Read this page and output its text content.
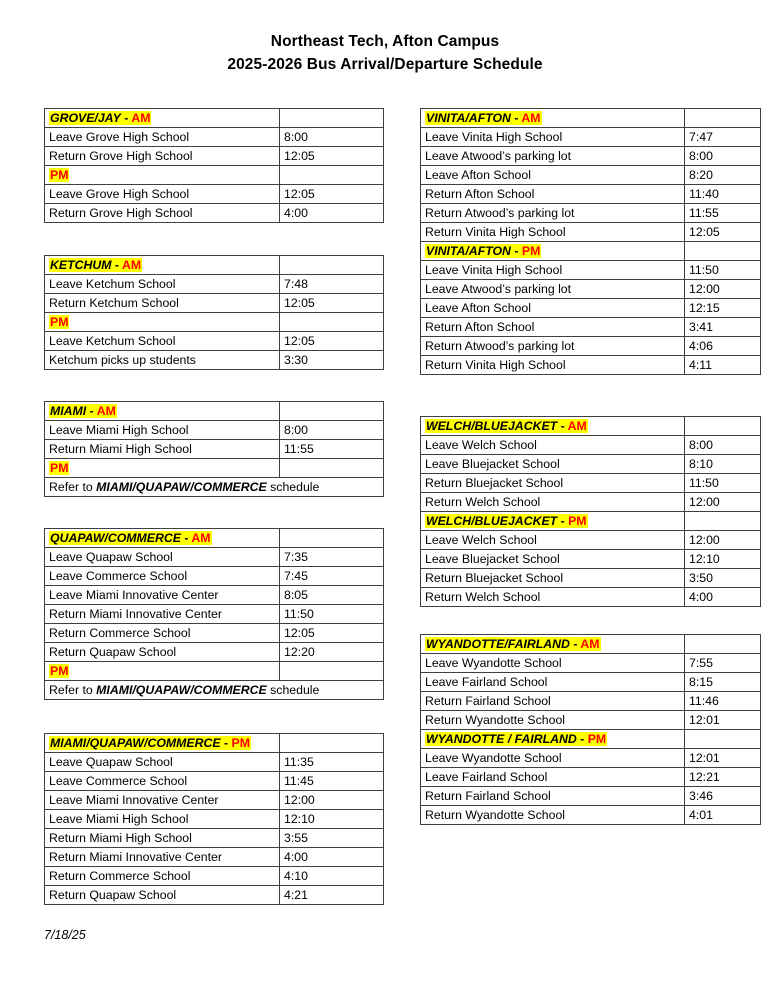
Northeast Tech, Afton Campus
2025-2026 Bus Arrival/Departure Schedule
GROVE/JAY - AM	
Leave Grove High School	8:00
Return Grove High School	12:05
PM	
Leave Grove High School	12:05
Return Grove High School	4:00
KETCHUM - AM	
Leave Ketchum School	7:48
Return Ketchum School	12:05
PM	
Leave Ketchum School	12:05
Ketchum picks up students	3:30
MIAMI - AM	
Leave Miami High School	8:00
Return Miami High School	11:55
PM	
Refer to MIAMI/QUAPAW/COMMERCE schedule	
QUAPAW/COMMERCE - AM	
Leave Quapaw School	7:35
Leave Commerce School	7:45
Leave Miami Innovative Center	8:05
Return Miami Innovative Center	11:50
Return Commerce School	12:05
Return Quapaw School	12:20
PM	
Refer to MIAMI/QUAPAW/COMMERCE schedule	
MIAMI/QUAPAW/COMMERCE - PM	
Leave Quapaw School	11:35
Leave Commerce School	11:45
Leave Miami Innovative Center	12:00
Leave Miami High School	12:10
Return Miami High School	3:55
Return Miami Innovative Center	4:00
Return Commerce School	4:10
Return Quapaw School	4:21
VINITA/AFTON - AM	
Leave Vinita High School	7:47
Leave Atwood’s parking lot	8:00
Leave Afton School	8:20
Return Afton School	11:40
Return Atwood’s parking lot	11:55
Return Vinita High School	12:05
VINITA/AFTON - PM	
Leave Vinita High School	11:50
Leave Atwood’s parking lot	12:00
Leave Afton School	12:15
Return Afton School	3:41
Return Atwood’s parking lot	4:06
Return Vinita High School	4:11
WELCH/BLUEJACKET - AM	
Leave Welch School	8:00
Leave Bluejacket School	8:10
Return Bluejacket School	11:50
Return Welch School	12:00
WELCH/BLUEJACKET - PM	
Leave Welch School	12:00
Leave Bluejacket School	12:10
Return Bluejacket School	3:50
Return Welch School	4:00
WYANDOTTE/FAIRLAND - AM	
Leave Wyandotte School	7:55
Leave Fairland School	8:15
Return Fairland School	11:46
Return Wyandotte School	12:01
WYANDOTTE / FAIRLAND - PM	
Leave Wyandotte School	12:01
Leave Fairland School	12:21
Return Fairland School	3:46
Return Wyandotte School	4:01
7/18/25
